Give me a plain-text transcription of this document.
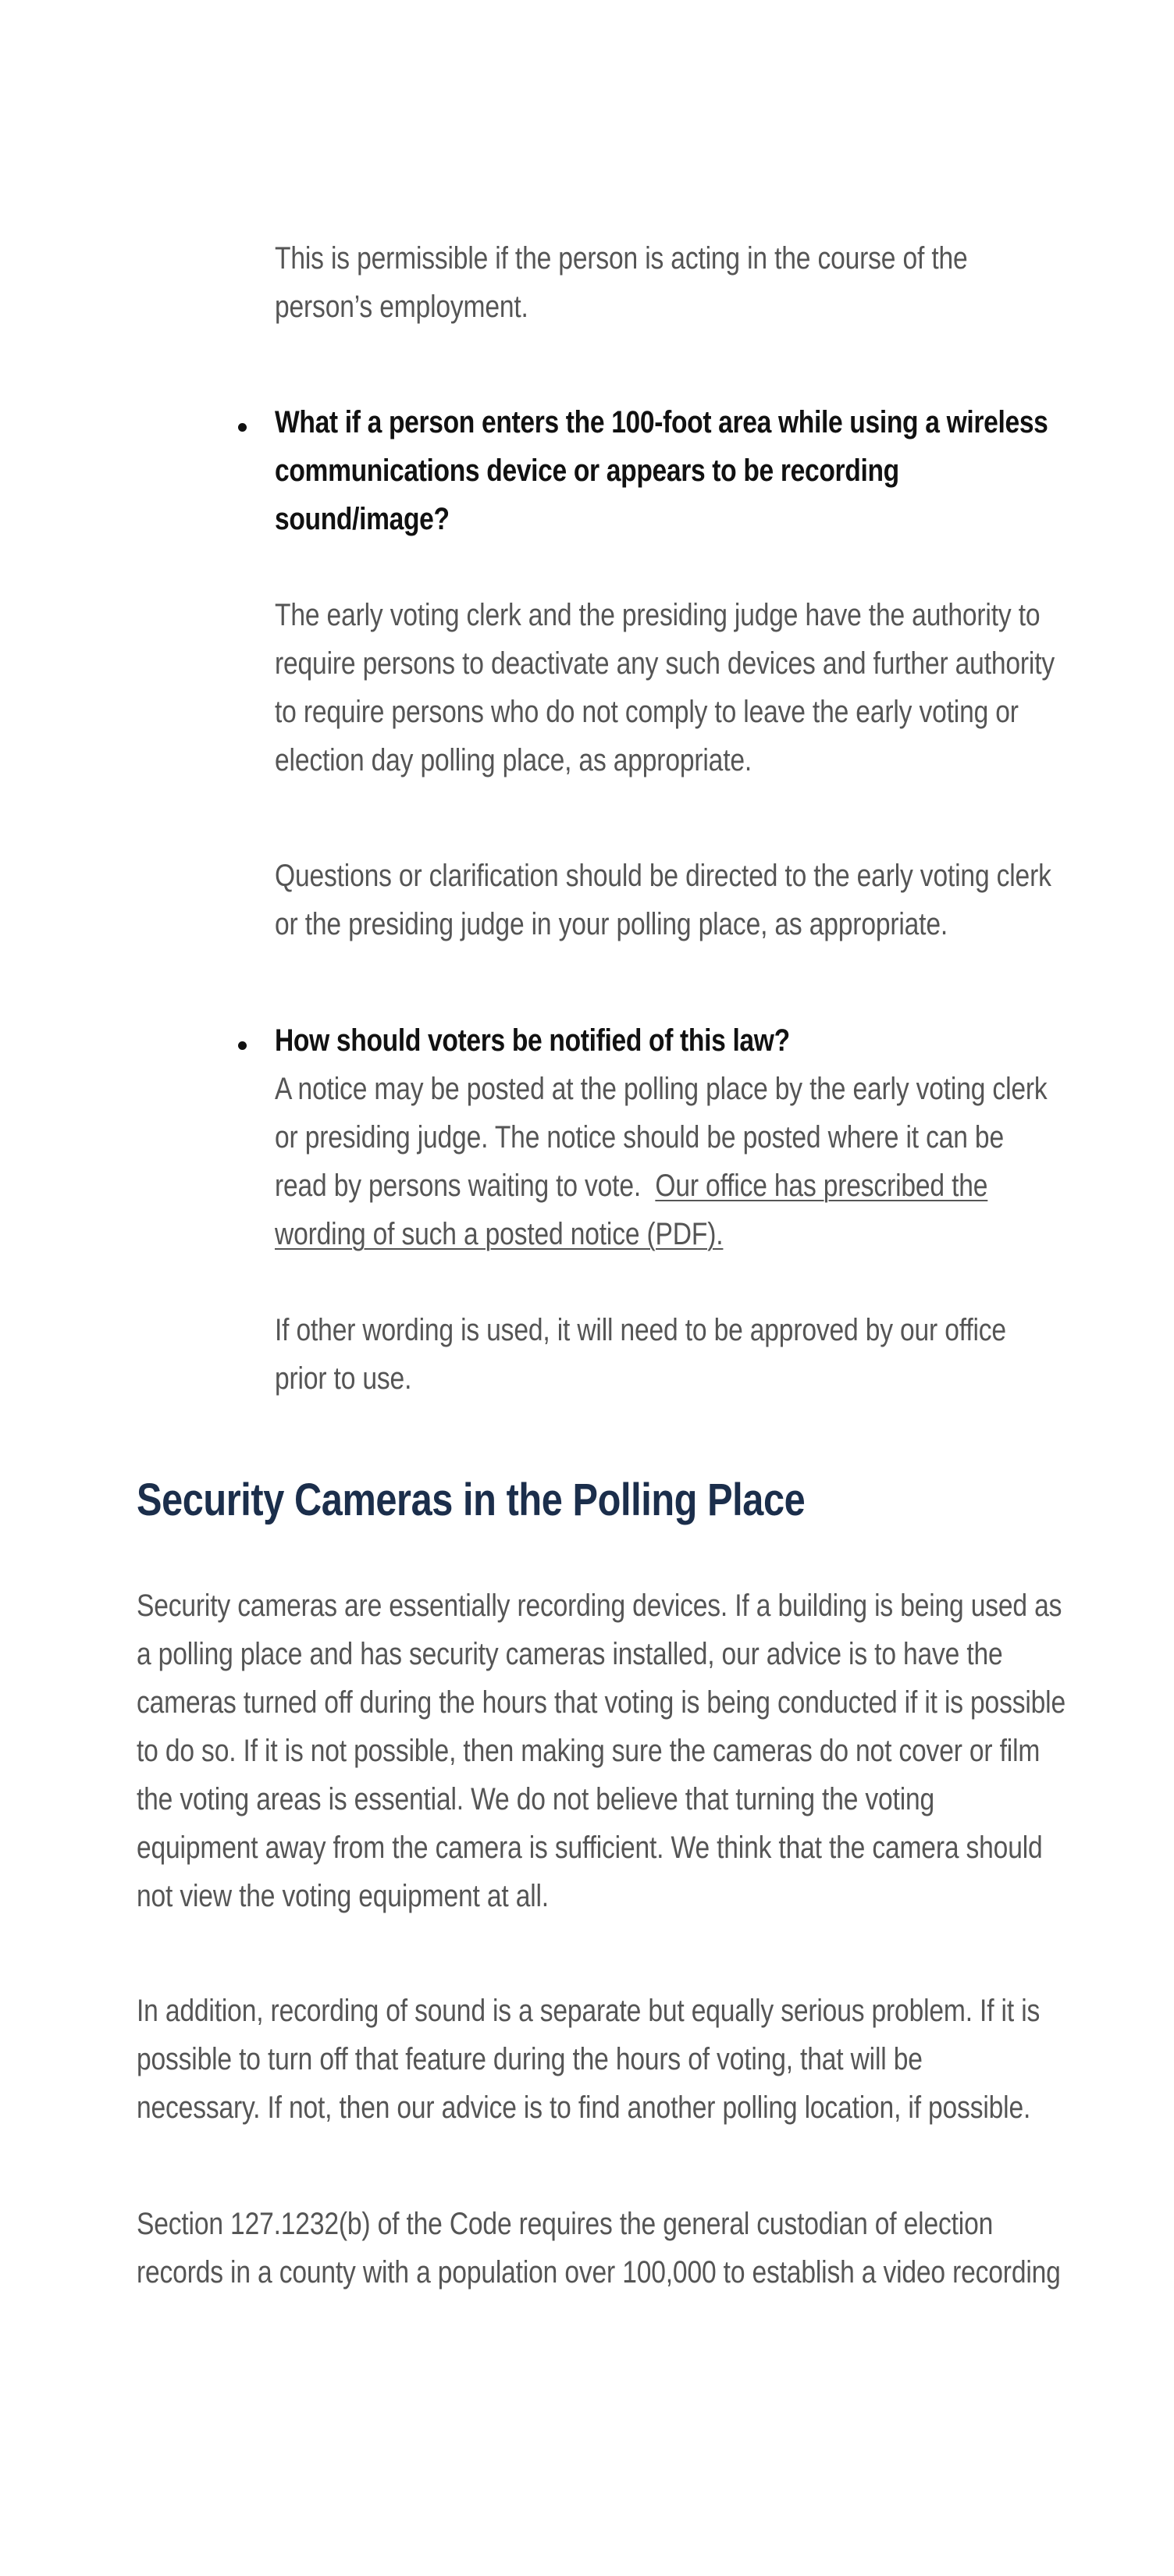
This is permissible if the person is acting in the course of the
person’s employment.

What if a person enters the 100-foot area while using a wireless
communications device or appears to be recording
sound/image?

The early voting clerk and the presiding judge have the authority to
require persons to deactivate any such devices and further authority
to require persons who do not comply to leave the early voting or
election day polling place, as appropriate.

Questions or clarification should be directed to the early voting clerk
or the presiding judge in your polling place, as appropriate.

How should voters be notified of this law?

A notice may be posted at the polling place by the early voting clerk
or presiding judge. The notice should be posted where it can be
read by persons waiting to vote.  Our office has prescribed the
wording of such a posted notice (PDF).

If other wording is used, it will need to be approved by our office
prior to use.

Security Cameras in the Polling Place

Security cameras are essentially recording devices. If a building is being used as
a polling place and has security cameras installed, our advice is to have the
cameras turned off during the hours that voting is being conducted if it is possible
to do so. If it is not possible, then making sure the cameras do not cover or film
the voting areas is essential. We do not believe that turning the voting
equipment away from the camera is sufficient. We think that the camera should
not view the voting equipment at all.

In addition, recording of sound is a separate but equally serious problem. If it is
possible to turn off that feature during the hours of voting, that will be
necessary. If not, then our advice is to find another polling location, if possible.

Section 127.1232(b) of the Code requires the general custodian of election
records in a county with a population over 100,000 to establish a video recording
